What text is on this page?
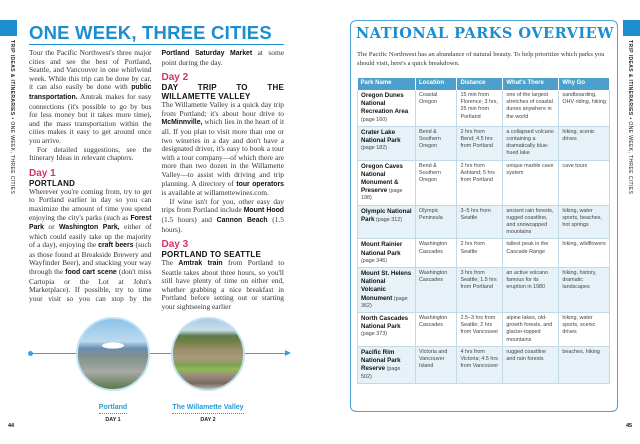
TRIP IDEAS & ITINERARIES • ONE WEEK, THREE CITIES
ONE WEEK, THREE CITIES

Tour the Pacific Northwest's three major cities and see the best of Portland, Seattle, and Vancouver in one whirlwind week. While this trip can be done by car, it can also easily be done with public transportation. Amtrak makes for easy connections (it's possible to go by bus for less money but it takes more time), and the mass transportation within the cities makes it easy to get around once you arrive.

For detailed suggestions, see the Itinerary Ideas in relevant chapters.

Day 1
PORTLAND

Wherever you're coming from, try to get to Portland earlier in day so you can maximize the amount of time you spend enjoying the city's parks (such as Forest Park or Washington Park, either of which could easily take up the majority of a day), enjoying the craft beers (such as those found at Breakside Brewery and Wayfinder Beer), and snacking your way through the food cart scene (don't miss Cartopia or the Lot at John's Marketplace). If possible, try to time your visit so you can stop by the Portland Saturday Market at some point during the day.

Day 2
DAY TRIP TO THE WILLAMETTE VALLEY

The Willamette Valley is a quick day trip from Portland; it's about hour drive to McMinnville, which lies in the heart of it all. If you plan to visit more than one or two wineries in a day and don't have a designated driver, it's easy to book a tour with a tour company—of which there are more than two dozen in the Willamette Valley—to assist with driving and trip planning. A directory of tour operators is available at willamettewines.com.

If wine isn't for you, other easy day trips from Portland include Mount Hood (1.5 hours) and Cannon Beach (1.5 hours).

Day 3
PORTLAND TO SEATTLE

The Amtrak train from Portland to Seattle takes about three hours, so you'll still have plenty of time on either end, whether grabbing a nice breakfast in Portland before setting out or starting your sightseeing earlier

Portland
DAY 1
The Willamette Valley
DAY 2
44
NATIONAL PARKS OVERVIEW
The Pacific Northwest has an abundance of natural beauty. To help prioritize which parks you should visit, here's a quick breakdown.
Park Name	Location	Distance	What's There	Why Go
Oregon Dunes National Recreation Area (page 160)	Coastal Oregon	15 min from Florence; 3 hrs, 25 min from Portland	one of the largest stretches of coastal dunes anywhere in the world	sandboarding, OHV riding, hiking
Crater Lake National Park (page 182)	Bend & Southern Oregon	2 hrs from Bend; 4.5 hrs from Portland	a collapsed volcano containing a dramatically blue-hued lake	hiking, scenic drives
Oregon Caves National Monument & Preserve (page 198)	Bend & Southern Oregon	2 hrs from Ashland; 5 hrs from Portland	unique marble cave system	cave tours
Olympic National Park (page 312)	Olympic Peninsula	3–5 hrs from Seattle	ancient rain forests, rugged coastline, and snowcapped mountains	hiking, water sports, beaches, hot springs
Mount Rainier National Park (page 346)	Washington Cascades	2 hrs from Seattle	tallest peak in the Cascade Range	hiking, wildflowers
Mount St. Helens National Volcanic Monument (page 362)	Washington Cascades	3 hrs from Seattle; 1.5 hrs from Portland	an active volcano famous for its eruption in 1980	hiking, history, dramatic landscapes
North Cascades National Park (page 373)	Washington Cascades	2.5–3 hrs from Seattle; 2 hrs from Vancouver	alpine lakes, old-growth forests, and glacier-topped mountains	hiking, water sports, scenic drives
Pacific Rim National Park Reserve (page 502)	Victoria and Vancouver Island	4 hrs from Victoria; 4.5 hrs from Vancouver	rugged coastline and rain forests	beaches, hiking
TRIP IDEAS & ITINERARIES • ONE WEEK, THREE CITIES
45
